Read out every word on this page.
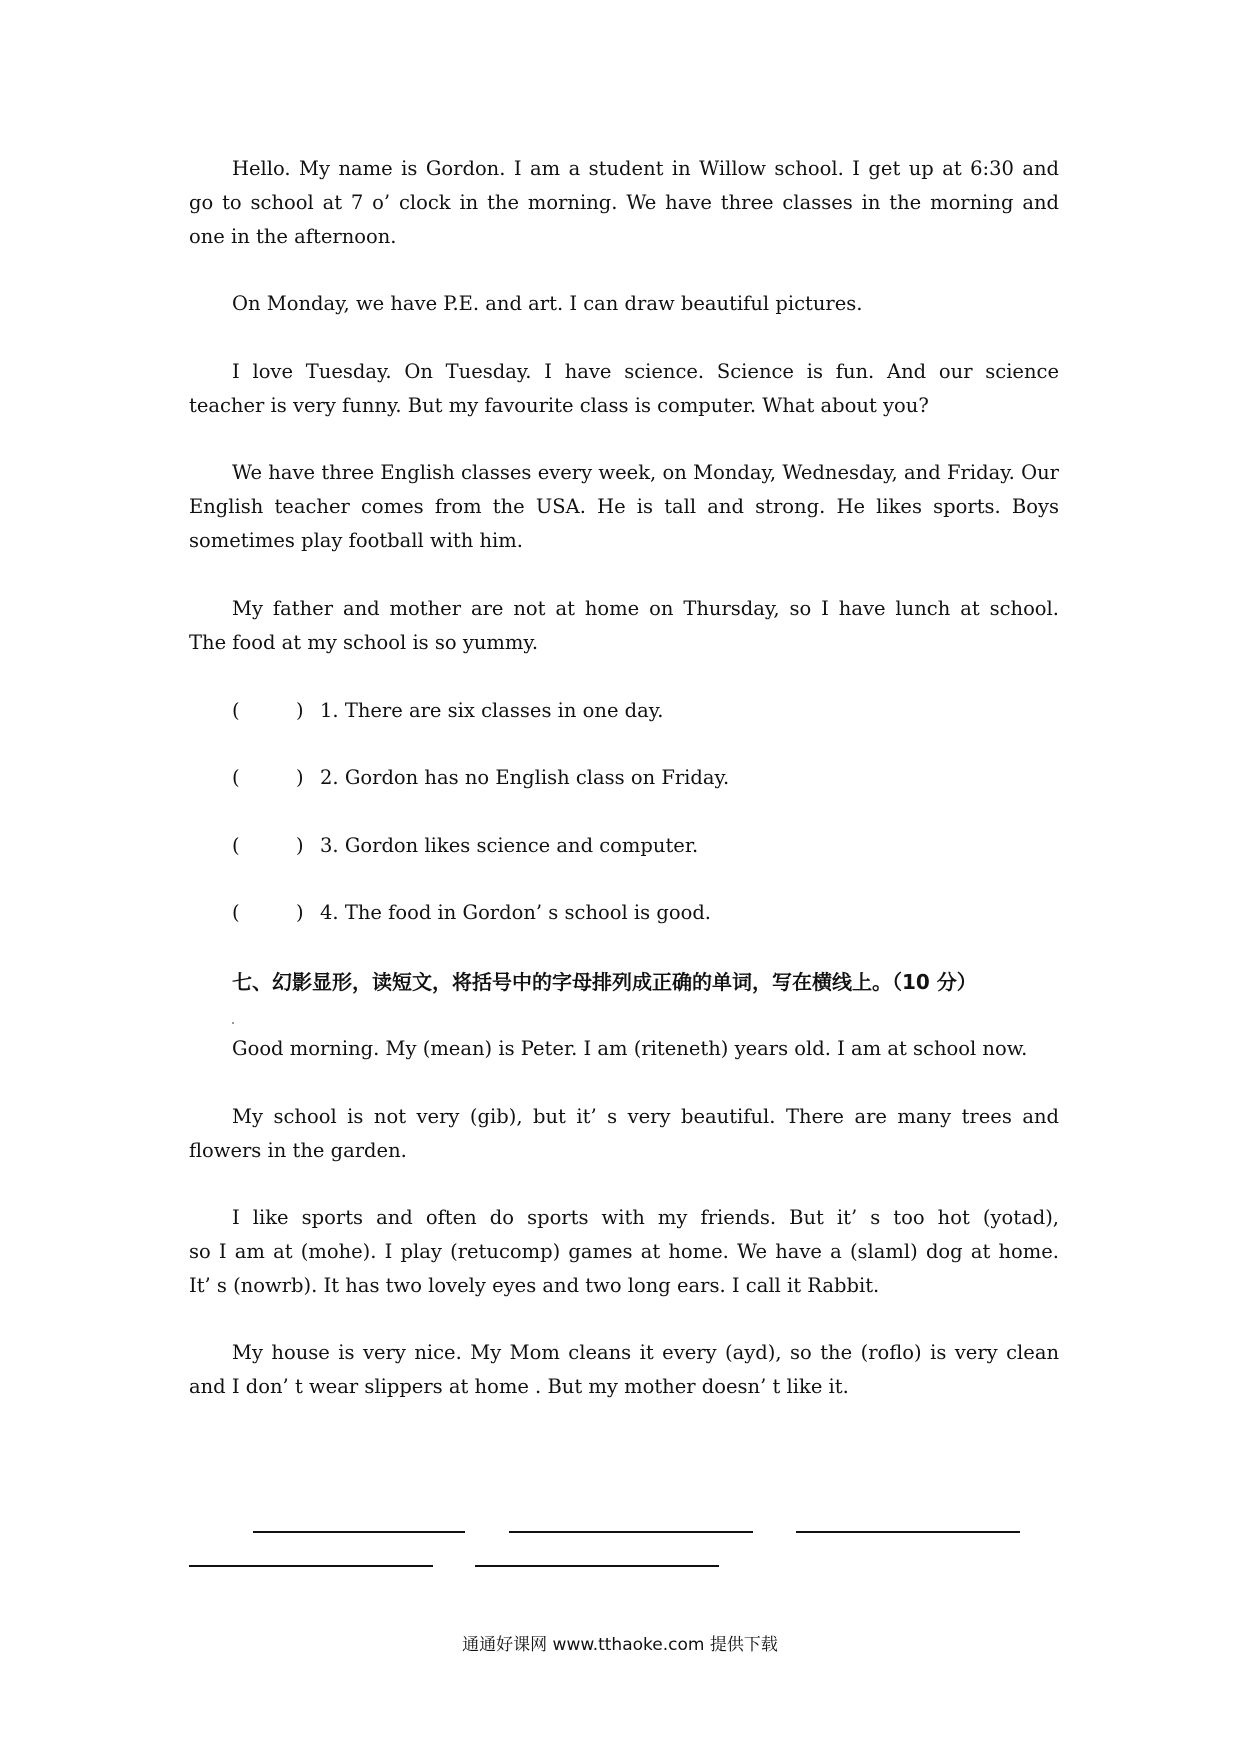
Hello. My name is Gordon. I am a student in Willow school. I get up at 6:30 and
go to school at 7 o’ clock in the morning. We have three classes in the morning and
one in the afternoon.

On Monday, we have P.E. and art. I can draw beautiful pictures.

I love Tuesday. On Tuesday. I have science. Science is fun. And our science
teacher is very funny. But my favourite class is computer. What about you?

We have three English classes every week, on Monday, Wednesday, and Friday. Our
English teacher comes from the USA. He is tall and strong. He likes sports. Boys
sometimes play football with him.

My father and mother are not at home on Thursday, so I have lunch at school.
The food at my school is so yummy.

(	) 1. There are six classes in one day.
(	) 2. Gordon has no English class on Friday.
(	) 3. Gordon likes science and computer.
(	) 4. The food in Gordon’ s school is good.
七、幻影显形，读短文，将括号中的字母排列成正确的单词，写在横线上。（10 分）

Good morning. My (mean) is Peter. I am (riteneth) years old. I am at school now.

My school is not very (gib), but it’ s very beautiful. There are many trees and
flowers in the garden.

I like sports and often do sports with my friends. But it’ s too hot (yotad),
so I am at (mohe). I play (retucomp) games at home. We have a (slaml) dog at home.
It’ s (nowrb). It has two lovely eyes and two long ears. I call it Rabbit.

My house is very nice. My Mom cleans it every (ayd), so the (roflo) is very clean
and I don’ t wear slippers at home . But my mother doesn’ t like it.

通通好课网 www.tthaoke.com 提供下载
